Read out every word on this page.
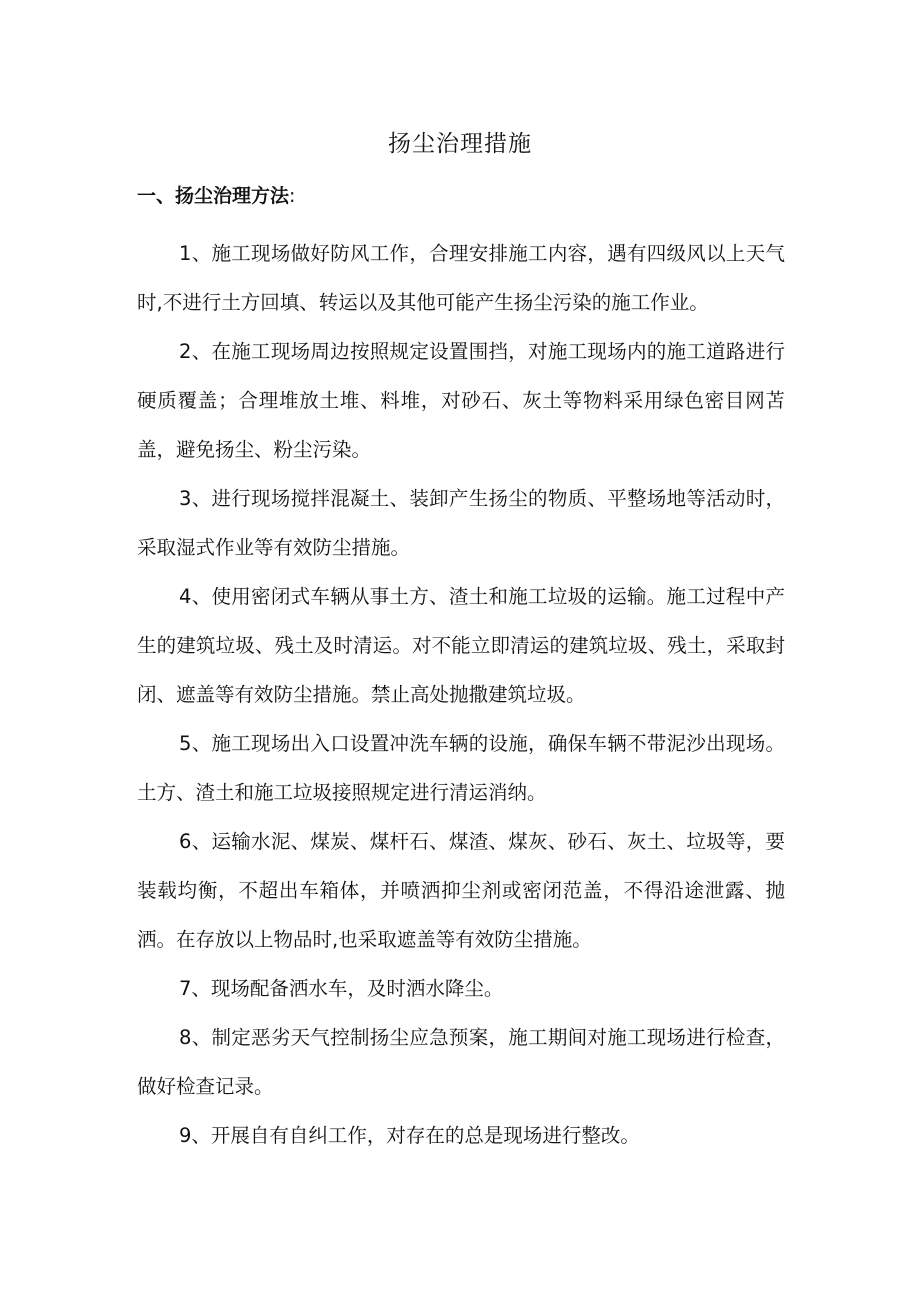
扬尘治理措施
一、扬尘治理方法:

1、施工现场做好防风工作，合理安排施工内容，遇有四级风以上天气时,不进行土方回填、转运以及其他可能产生扬尘污染的施工作业。

2、在施工现场周边按照规定设置围挡，对施工现场内的施工道路进行硬质覆盖；合理堆放土堆、料堆，对砂石、灰土等物料采用绿色密目网苫盖，避免扬尘、粉尘污染。

3、进行现场搅拌混凝土、装卸产生扬尘的物质、平整场地等活动时，采取湿式作业等有效防尘措施。

4、使用密闭式车辆从事土方、渣土和施工垃圾的运输。施工过程中产生的建筑垃圾、残土及时清运。对不能立即清运的建筑垃圾、残土，采取封闭、遮盖等有效防尘措施。禁止高处抛撒建筑垃圾。

5、施工现场出入口设置冲洗车辆的设施，确保车辆不带泥沙出现场。土方、渣土和施工垃圾接照规定进行清运消纳。

6、运输水泥、煤炭、煤杆石、煤渣、煤灰、砂石、灰土、垃圾等，要装载均衡，不超出车箱体，并喷洒抑尘剂或密闭范盖，不得沿途泄露、抛洒。在存放以上物品时,也采取遮盖等有效防尘措施。

7、现场配备洒水车，及时洒水降尘。

8、制定恶劣天气控制扬尘应急预案，施工期间对施工现场进行检查，做好检查记录。

9、开展自有自纠工作，对存在的总是现场进行整改。
